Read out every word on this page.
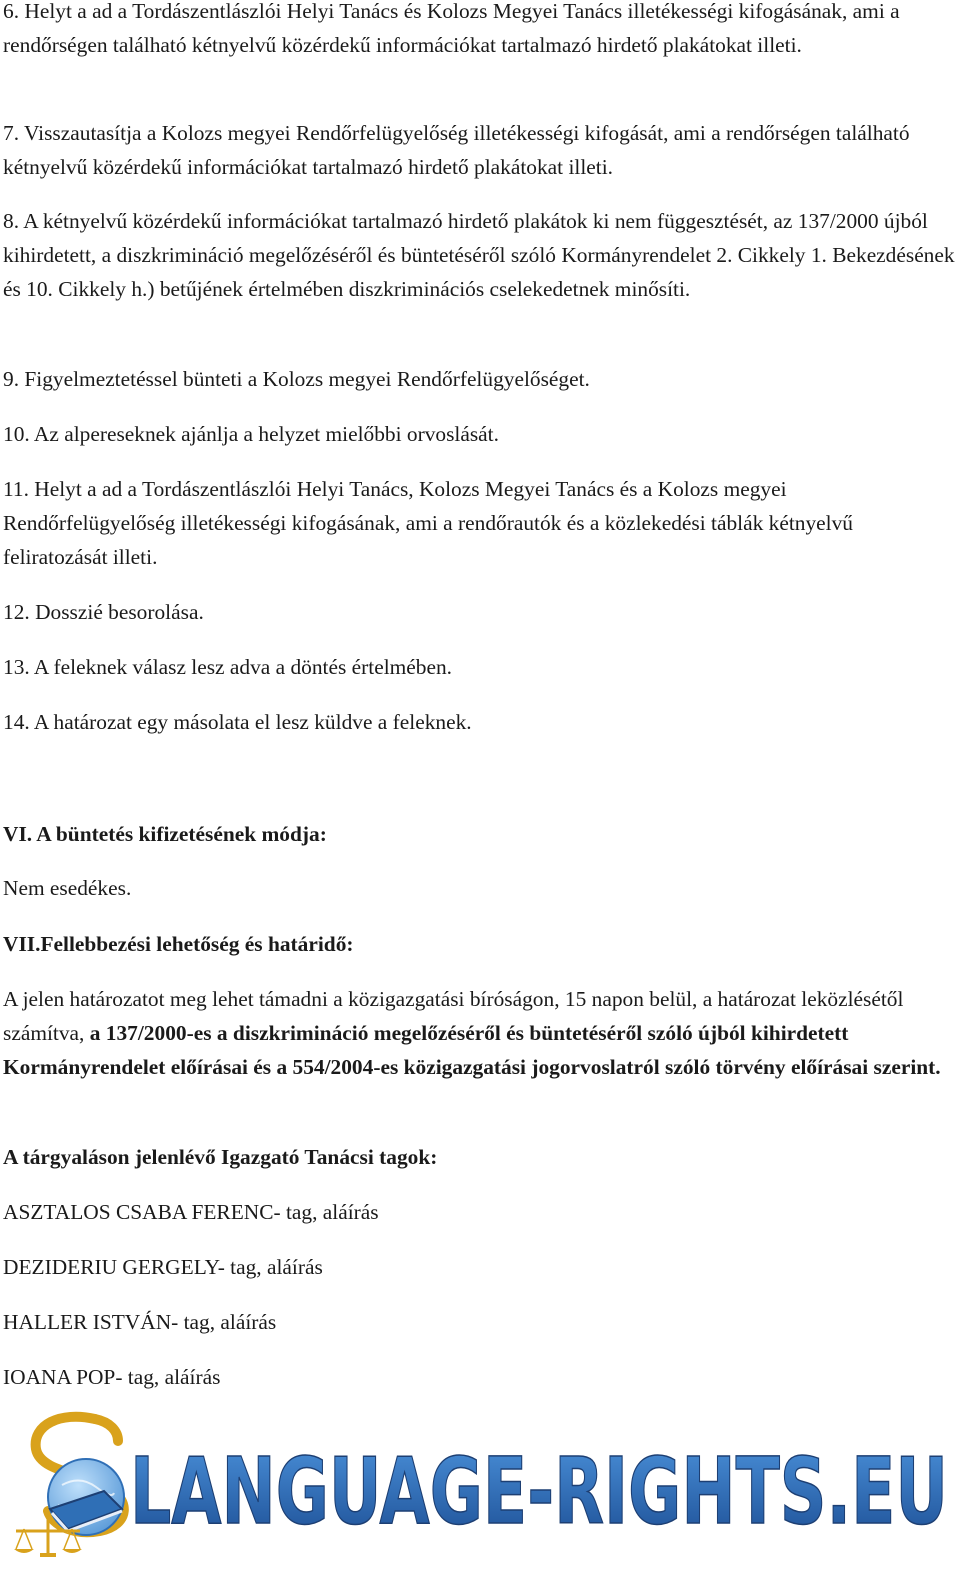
6. Helyt a ad a Tordászentlászlói Helyi Tanács és Kolozs Megyei Tanács illetékességi kifogásának, ami a rendőrségen található kétnyelvű közérdekű információkat tartalmazó hirdető plakátokat illeti.

7. Visszautasítja a Kolozs megyei Rendőrfelügyelőség illetékességi kifogását, ami a rendőrségen található kétnyelvű közérdekű információkat tartalmazó hirdető plakátokat illeti.

8. A kétnyelvű közérdekű információkat tartalmazó hirdető plakátok ki nem függesztését, az 137/2000 újból kihirdetett, a diszkrimináció megelőzéséről és büntetéséről szóló Kormányrendelet 2. Cikkely 1. Bekezdésének és 10. Cikkely h.) betűjének értelmében diszkriminációs cselekedetnek minősíti.

9. Figyelmeztetéssel bünteti a Kolozs megyei Rendőrfelügyelőséget.

10. Az alpereseknek ajánlja a helyzet mielőbbi orvoslását.

11. Helyt a ad a Tordászentlászlói Helyi Tanács, Kolozs Megyei Tanács és a Kolozs megyei Rendőrfelügyelőség illetékességi kifogásának, ami a rendőrautók és a közlekedési táblák kétnyelvű feliratozását illeti.

12. Dosszié besorolása.

13. A feleknek válasz lesz adva a döntés értelmében.

14. A határozat egy másolata el lesz küldve a feleknek.

VI. A büntetés kifizetésének módja:

Nem esedékes.

VII.Fellebbezési lehetőség és határidő:

A jelen határozatot meg lehet támadni a közigazgatási bíróságon, 15 napon belül, a határozat leközlésétől számítva, a 137/2000-es a diszkrimináció megelőzéséről és büntetéséről szóló újból kihirdetett Kormányrendelet előírásai és a 554/2004-es közigazgatási jogorvoslatról szóló törvény előírásai szerint.

A tárgyaláson jelenlévő Igazgató Tanácsi tagok:

ASZTALOS CSABA FERENC- tag, aláírás

DEZIDERIU GERGELY- tag, aláírás

HALLER ISTVÁN- tag, aláírás

IOANA POP- tag, aláírás

LANGUAGE-RIGHTS.EU
